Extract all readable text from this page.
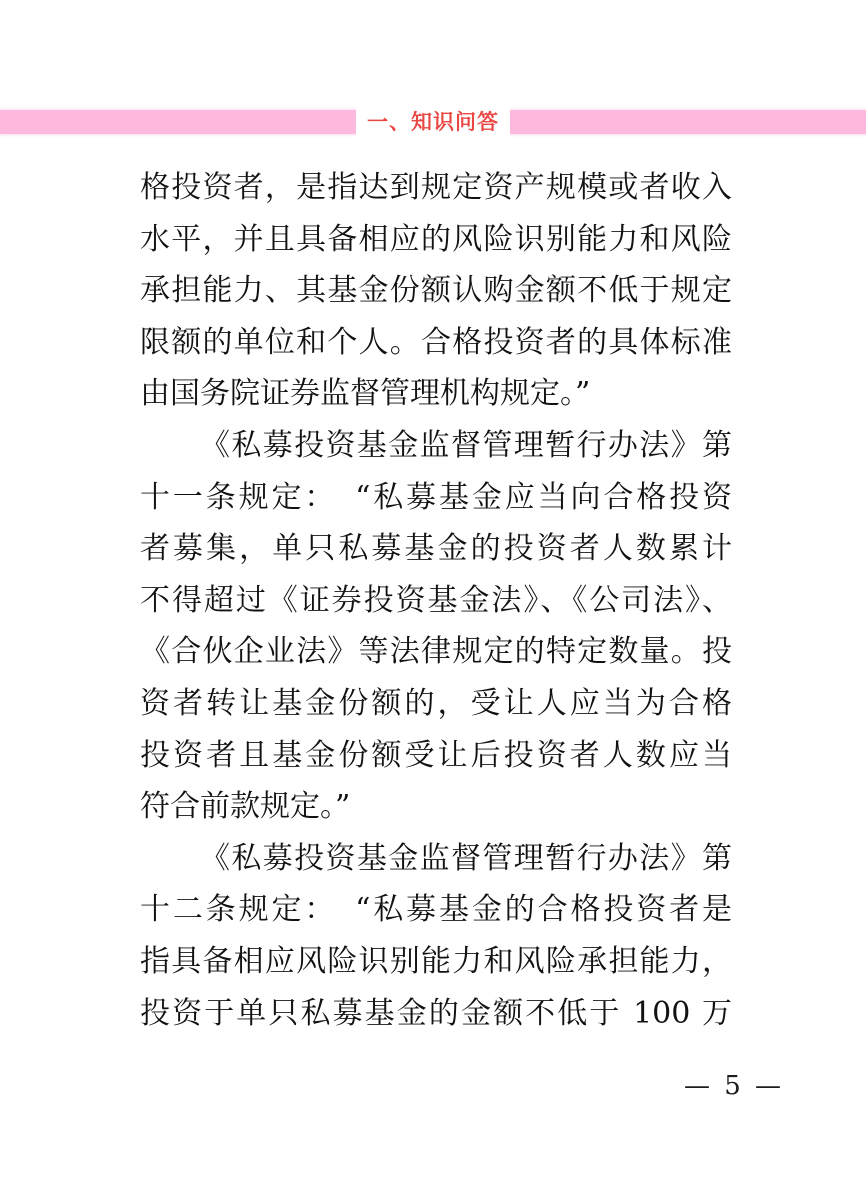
一、知识问答
格投资者，是指达到规定资产规模或者收入
水平，并且具备相应的风险识别能力和风险
承担能力、其基金份额认购金额不低于规定
限额的单位和个人。合格投资者的具体标准
由国务院证券监督管理机构规定。”
《私募投资基金监督管理暂行办法》第
十一条规定：　“私募基金应当向合格投资
者募集，单只私募基金的投资者人数累计
不得超过《证券投资基金法》、《公司法》、
《合伙企业法》等法律规定的特定数量。投
资者转让基金份额的，受让人应当为合格
投资者且基金份额受让后投资者人数应当
符合前款规定。”
《私募投资基金监督管理暂行办法》第
十二条规定：　“私募基金的合格投资者是
指具备相应风险识别能力和风险承担能力，
投资于单只私募基金的金额不低于 100 万
— 5 —
